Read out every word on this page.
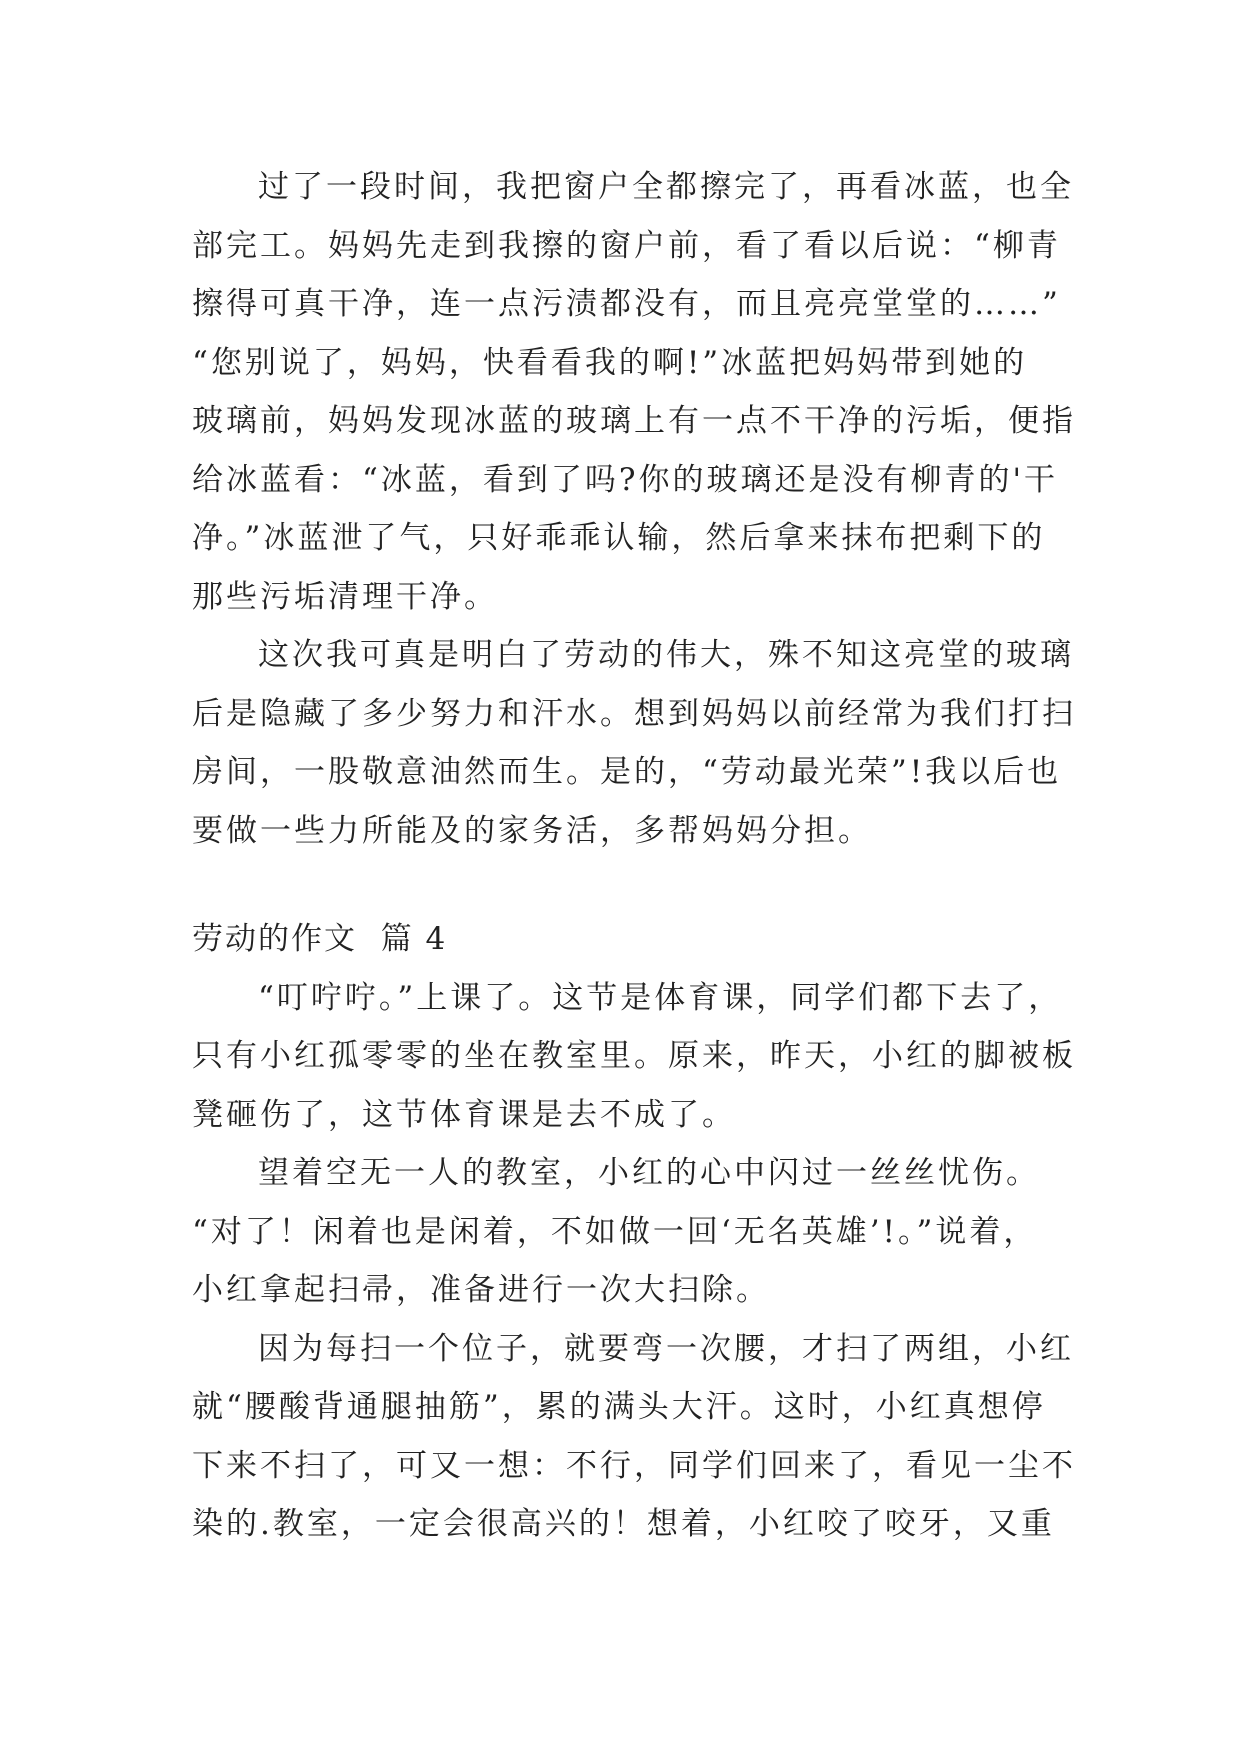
过了一段时间，我把窗户全都擦完了，再看冰蓝，也全
部完工。妈妈先走到我擦的窗户前，看了看以后说：“柳青
擦得可真干净，连一点污渍都没有，而且亮亮堂堂的……”
“您别说了，妈妈，快看看我的啊!”冰蓝把妈妈带到她的
玻璃前，妈妈发现冰蓝的玻璃上有一点不干净的污垢，便指
给冰蓝看：“冰蓝，看到了吗?你的玻璃还是没有柳青的'干
净。”冰蓝泄了气，只好乖乖认输，然后拿来抹布把剩下的
那些污垢清理干净。
这次我可真是明白了劳动的伟大，殊不知这亮堂的玻璃
后是隐藏了多少努力和汗水。想到妈妈以前经常为我们打扫
房间，一股敬意油然而生。是的，“劳动最光荣”!我以后也
要做一些力所能及的家务活，多帮妈妈分担。
劳动的作文  篇 4
“叮咛咛。”上课了。这节是体育课，同学们都下去了，
只有小红孤零零的坐在教室里。原来，昨天，小红的脚被板
凳砸伤了，这节体育课是去不成了。
望着空无一人的教室，小红的心中闪过一丝丝忧伤。
“对了！闲着也是闲着，不如做一回‘无名英雄’!。”说着，
小红拿起扫帚，准备进行一次大扫除。
因为每扫一个位子，就要弯一次腰，才扫了两组，小红
就“腰酸背通腿抽筋”，累的满头大汗。这时，小红真想停
下来不扫了，可又一想：不行，同学们回来了，看见一尘不
染的.教室，一定会很高兴的！想着，小红咬了咬牙，又重
